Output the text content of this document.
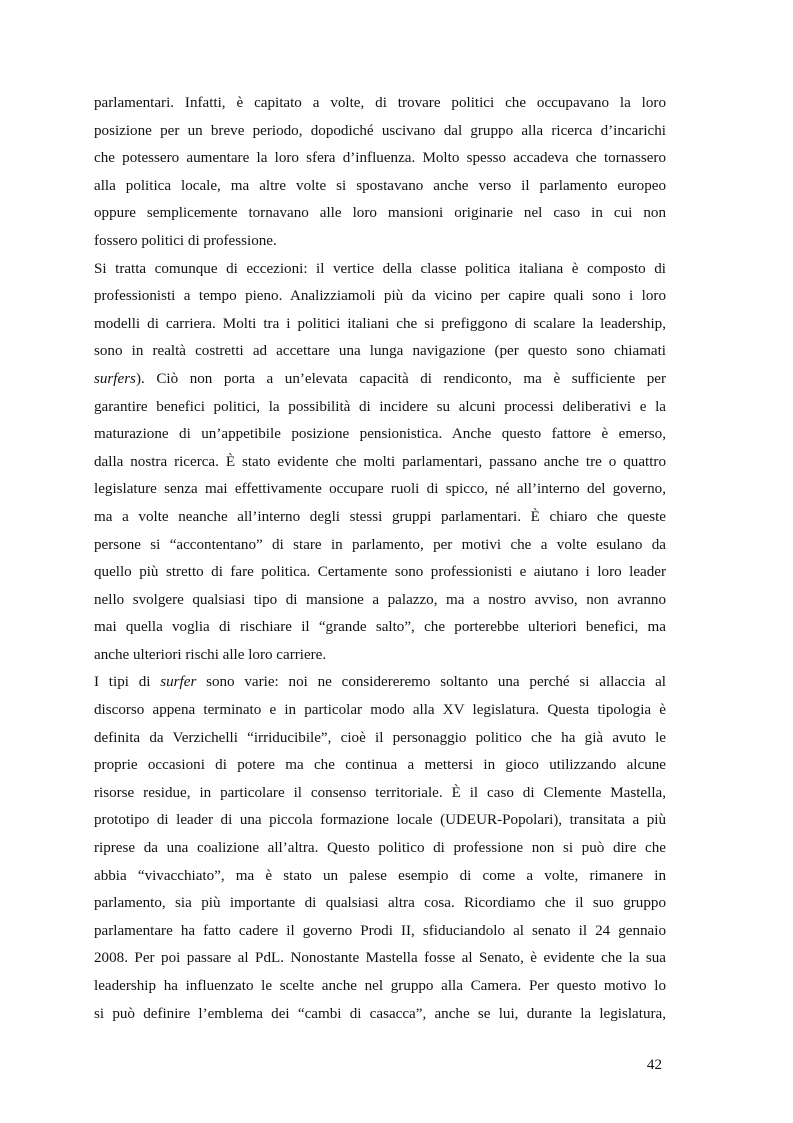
parlamentari. Infatti, è capitato a volte, di trovare politici che occupavano la loro
posizione per un breve periodo, dopodiché uscivano dal gruppo alla ricerca d’incarichi
che potessero aumentare la loro sfera d’influenza. Molto spesso accadeva che tornassero
alla politica locale, ma altre volte si spostavano anche verso il parlamento europeo
oppure semplicemente tornavano alle loro mansioni originarie nel caso in cui non
fossero politici di professione.
Si tratta comunque di eccezioni: il vertice della classe politica italiana è composto di
professionisti a tempo pieno. Analizziamoli più da vicino per capire quali sono i loro
modelli di carriera. Molti tra i politici italiani che si prefiggono di scalare la leadership,
sono in realtà costretti ad accettare una lunga navigazione (per questo sono chiamati
surfers). Ciò non porta a un’elevata capacità di rendiconto, ma è sufficiente per
garantire benefici politici, la possibilità di incidere su alcuni processi deliberativi e la
maturazione di un’appetibile posizione pensionistica. Anche questo fattore è emerso,
dalla nostra ricerca. È stato evidente che molti parlamentari, passano anche tre o quattro
legislature senza mai effettivamente occupare ruoli di spicco, né all’interno del governo,
ma a volte neanche all’interno degli stessi gruppi parlamentari. È chiaro che queste
persone si “accontentano” di stare in parlamento, per motivi che a volte esulano da
quello più stretto di fare politica. Certamente sono professionisti e aiutano i loro leader
nello svolgere qualsiasi tipo di mansione a palazzo, ma a nostro avviso, non avranno
mai quella voglia di rischiare il “grande salto”, che porterebbe ulteriori benefici, ma
anche ulteriori rischi alle loro carriere.
I tipi di surfer sono varie: noi ne considereremo soltanto una perché si allaccia al
discorso appena terminato e in particolar modo alla XV legislatura. Questa tipologia è
definita da Verzichelli “irriducibile”, cioè il personaggio politico che ha già avuto le
proprie occasioni di potere ma che continua a mettersi in gioco utilizzando alcune
risorse residue, in particolare il consenso territoriale. È il caso di Clemente Mastella,
prototipo di leader di una piccola formazione locale (UDEUR-Popolari), transitata a più
riprese da una coalizione all’altra. Questo politico di professione non si può dire che
abbia “vivacchiato”, ma è stato un palese esempio di come a volte, rimanere in
parlamento, sia più importante di qualsiasi altra cosa. Ricordiamo che il suo gruppo
parlamentare ha fatto cadere il governo Prodi II, sfiduciandolo al senato il 24 gennaio
2008. Per poi passare al PdL. Nonostante Mastella fosse al Senato, è evidente che la sua
leadership ha influenzato le scelte anche nel gruppo alla Camera. Per questo motivo lo
si può definire l’emblema dei “cambi di casacca”, anche se lui, durante la legislatura,
42
